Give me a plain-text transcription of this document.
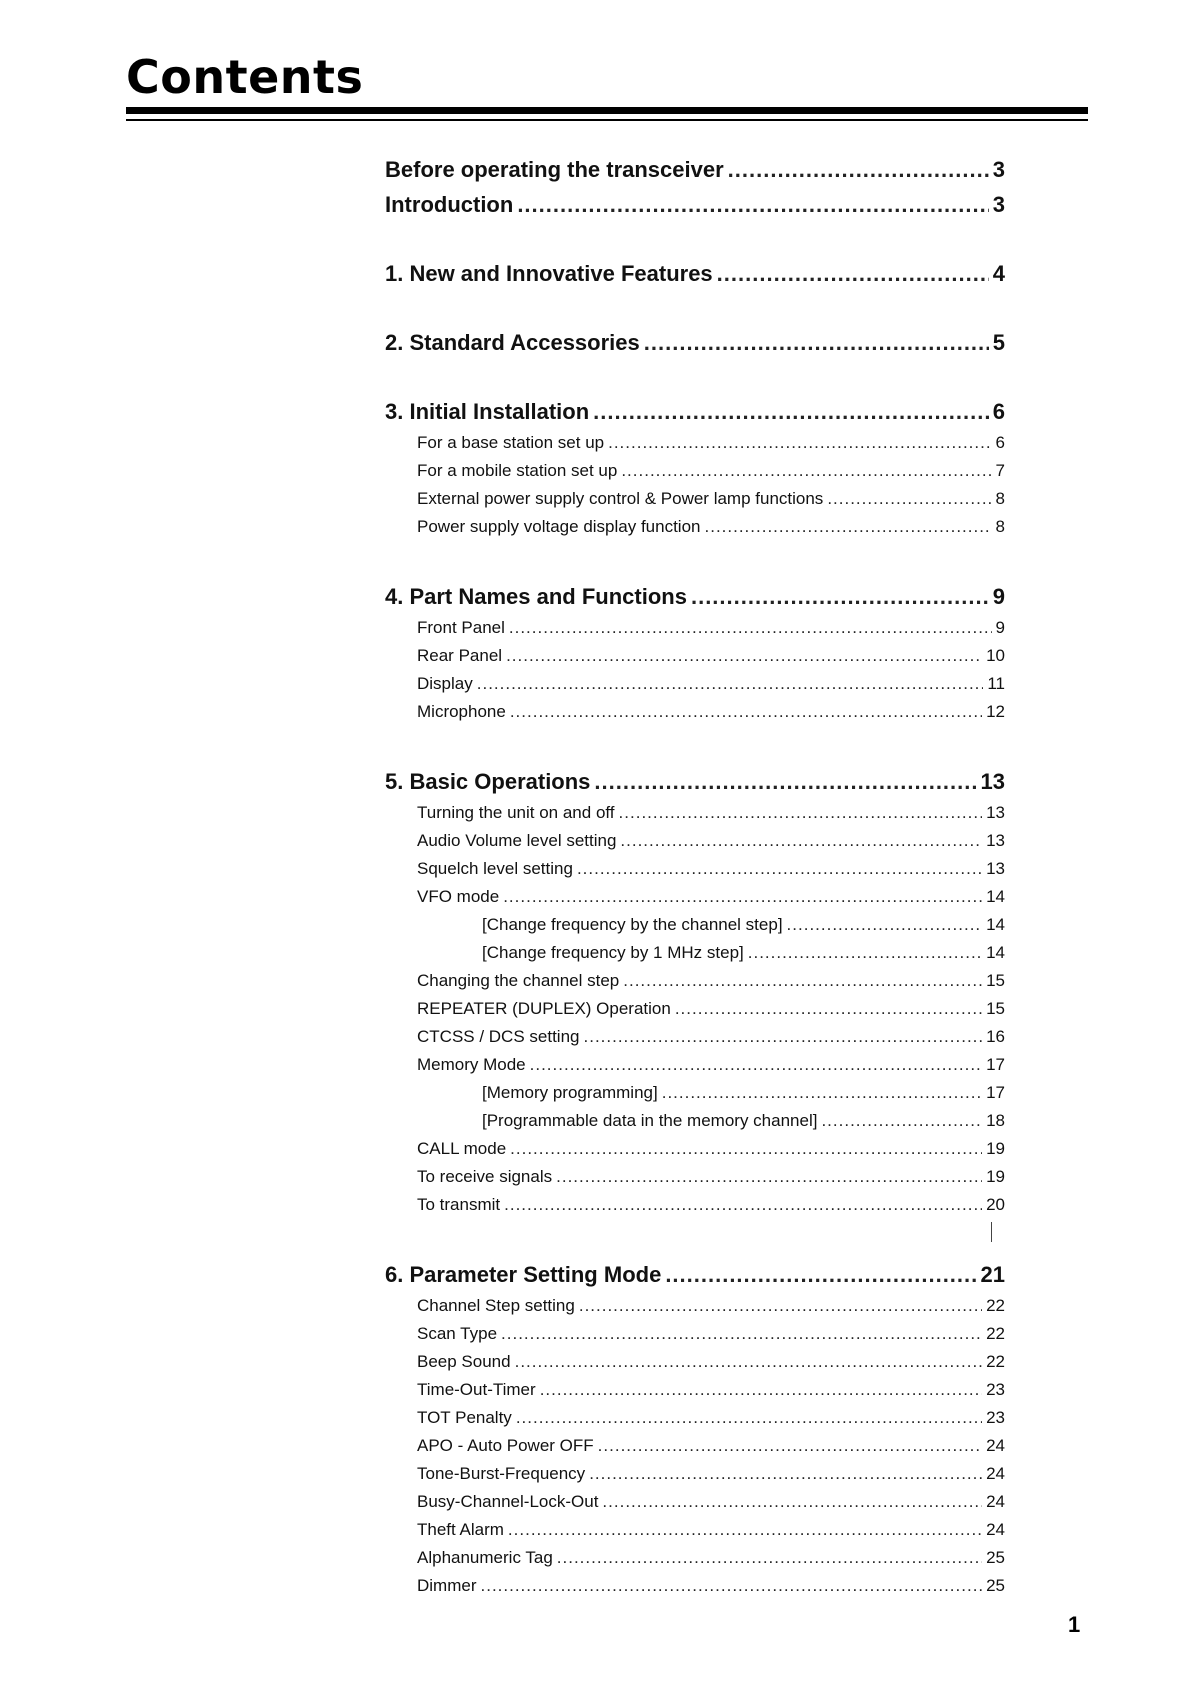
Contents
Before operating the transceiver .....	3
Introduction .....	3
1. New and Innovative Features .....	4
2. Standard Accessories .....	5
3. Initial Installation .....	6
For a base station set up .....	6
For a mobile station set up .....	7
External power supply control & Power lamp functions .....	8
Power supply voltage display function .....	8
4. Part Names and Functions .....	9
Front Panel .....	9
Rear Panel .....	10
Display .....	11
Microphone .....	12
5. Basic Operations .....	13
Turning the unit on and off .....	13
Audio Volume level setting .....	13
Squelch level setting .....	13
VFO mode .....	14
[Change frequency by the channel step] .....	14
[Change frequency by 1 MHz step] .....	14
Changing the channel step .....	15
REPEATER (DUPLEX) Operation .....	15
CTCSS / DCS setting .....	16
Memory Mode .....	17
[Memory programming] .....	17
[Programmable data in the memory channel] .....	18
CALL mode .....	19
To receive signals .....	19
To transmit .....	20
6. Parameter Setting Mode .....	21
Channel Step setting .....	22
Scan Type .....	22
Beep Sound .....	22
Time-Out-Timer .....	23
TOT Penalty .....	23
APO - Auto Power OFF .....	24
Tone-Burst-Frequency .....	24
Busy-Channel-Lock-Out .....	24
Theft Alarm .....	24
Alphanumeric Tag .....	25
Dimmer .....	25
1
